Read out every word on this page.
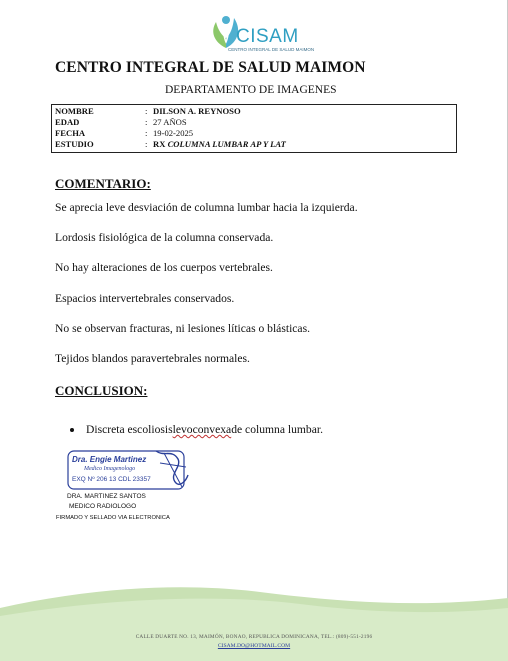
CISAM
CENTRO INTEGRAL DE SALUD MAIMON
CENTRO INTEGRAL DE SALUD MAIMON
DEPARTAMENTO DE IMAGENES
NOMBRE	: DILSON A. REYNOSO
EDAD	: 27 AÑOS
FECHA	: 19-02-2025
ESTUDIO	: RX COLUMNA LUMBAR AP Y LAT
COMENTARIO:
Se aprecia leve desviación de columna lumbar hacia la izquierda.
Lordosis fisiológica de la columna conservada.
No hay alteraciones de los cuerpos vertebrales.
Espacios intervertebrales conservados.
No se observan fracturas, ni lesiones líticas o blásticas.
Tejidos blandos paravertebrales normales.
CONCLUSION:
Discreta escoliosis levoconvexa de columna lumbar.
Dra. Engie Martinez
Medico Imagenologo
EXQ Nº 206 13 CDL 23357
DRA. MARTINEZ SANTOS
MEDICO RADIOLOGO
FIRMADO Y SELLADO VIA ELECTRONICA
CALLE DUARTE NO. 13, MAIMÓN, BONAO, REPUBLICA DOMINICANA, TEL.: (809)-551-2196
CISAM.DO@HOTMAIL.COM
